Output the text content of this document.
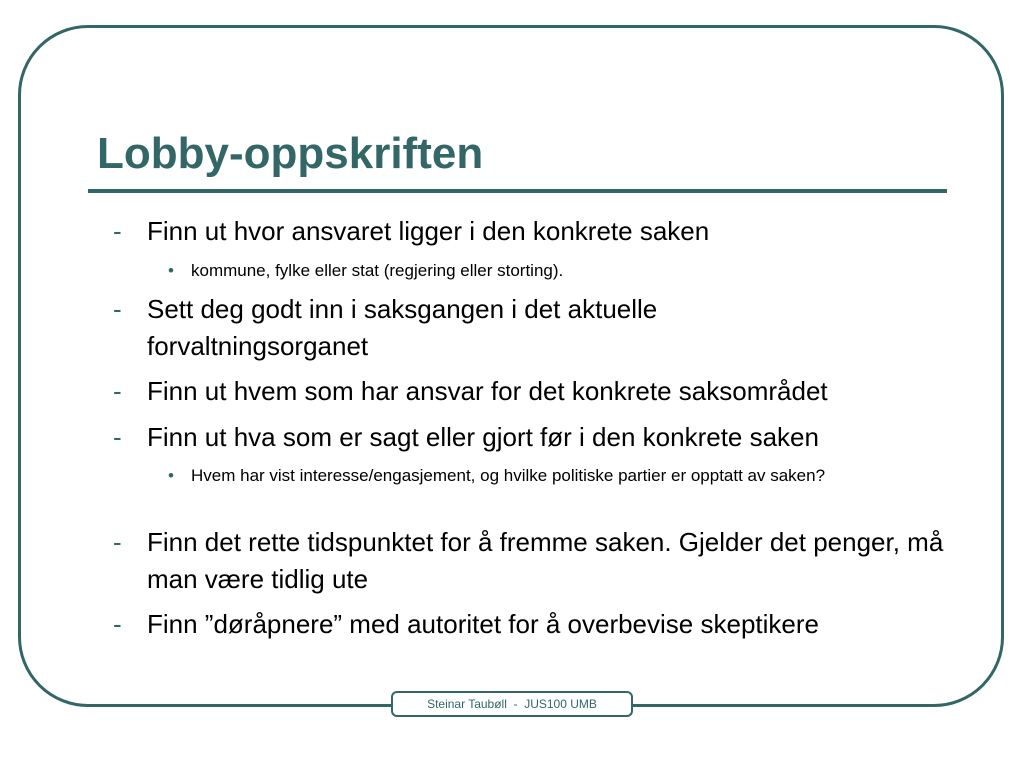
Lobby-oppskriften
- Finn ut hvor ansvaret ligger i den konkrete saken
• kommune, fylke eller stat (regjering eller storting).
- Sett deg godt inn i saksgangen i det aktuelle forvaltningsorganet
- Finn ut hvem som har ansvar for det konkrete saksområdet
- Finn ut hva som er sagt eller gjort før i den konkrete saken
• Hvem har vist interesse/engasjement, og hvilke politiske partier er opptatt av saken?
- Finn det rette tidspunktet for å fremme saken. Gjelder det penger, må man være tidlig ute
- Finn ”døråpnere” med autoritet for å overbevise skeptikere
Steinar Taubøll  -  JUS100 UMB
